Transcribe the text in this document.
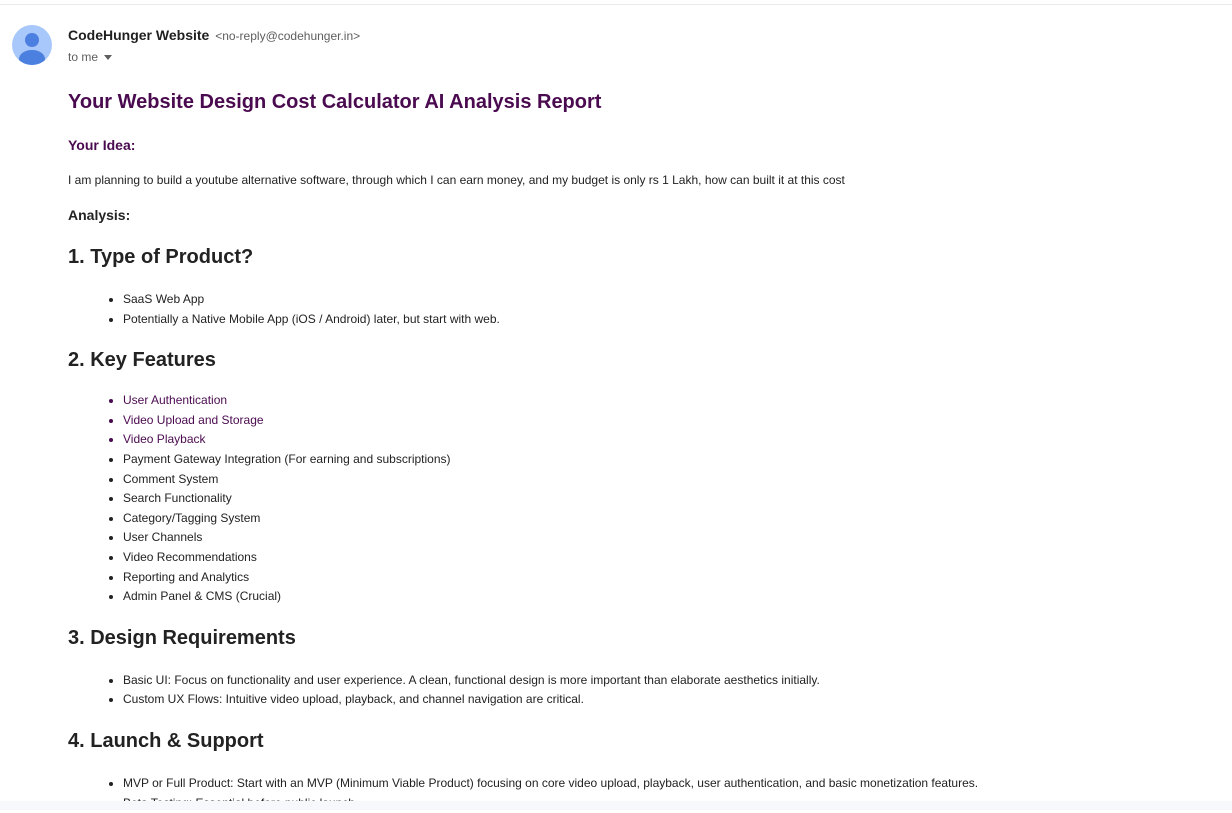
CodeHunger Website <no-reply@codehunger.in>
to me
Your Website Design Cost Calculator AI Analysis Report
Your Idea:

I am planning to build a youtube alternative software, through which I can earn money, and my budget is only rs 1 Lakh, how can built it at this cost

Analysis:
1. Type of Product?
• SaaS Web App
• Potentially a Native Mobile App (iOS / Android) later, but start with web.
2. Key Features
• User Authentication
• Video Upload and Storage
• Video Playback
• Payment Gateway Integration (For earning and subscriptions)
• Comment System
• Search Functionality
• Category/Tagging System
• User Channels
• Video Recommendations
• Reporting and Analytics
• Admin Panel & CMS (Crucial)
3. Design Requirements
• Basic UI: Focus on functionality and user experience. A clean, functional design is more important than elaborate aesthetics initially.
• Custom UX Flows: Intuitive video upload, playback, and channel navigation are critical.
4. Launch & Support
• MVP or Full Product: Start with an MVP (Minimum Viable Product) focusing on core video upload, playback, user authentication, and basic monetization features.
•
